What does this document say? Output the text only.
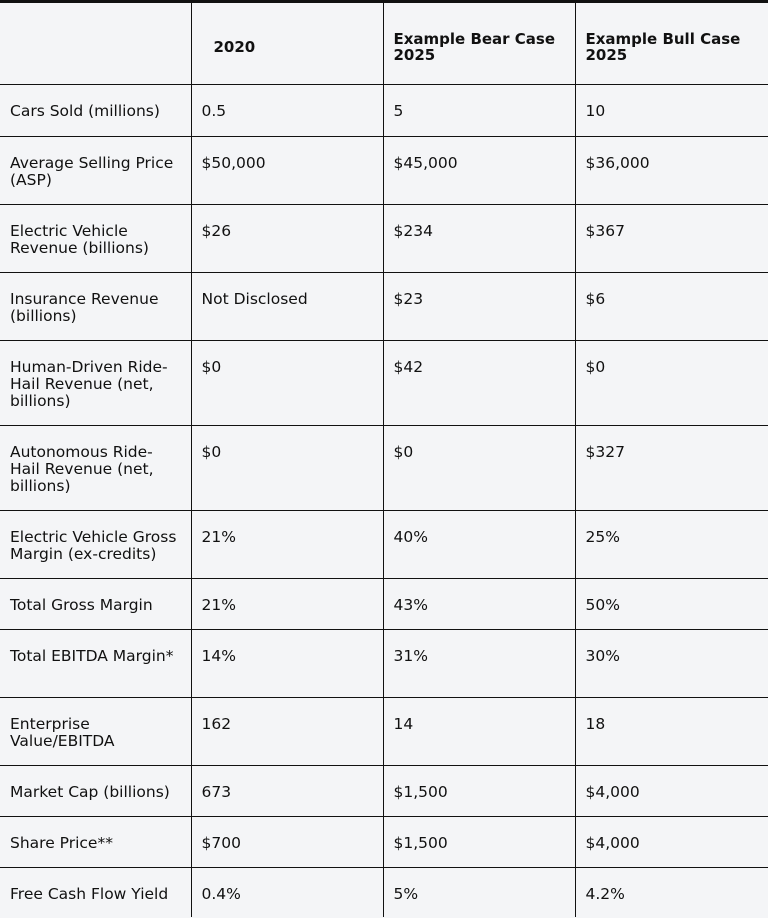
	2020	Example Bear Case 2025	Example Bull Case 2025
Cars Sold (millions)	0.5	5	10
Average Selling Price (ASP)	$50,000	$45,000	$36,000
Electric Vehicle Revenue (billions)	$26	$234	$367
Insurance Revenue (billions)	Not Disclosed	$23	$6
Human-Driven Ride-Hail Revenue (net, billions)	$0	$42	$0
Autonomous Ride-Hail Revenue (net, billions)	$0	$0	$327
Electric Vehicle Gross Margin (ex-credits)	21%	40%	25%
Total Gross Margin	21%	43%	50%
Total EBITDA Margin*	14%	31%	30%
Enterprise Value/EBITDA	162	14	18
Market Cap (billions)	673	$1,500	$4,000
Share Price**	$700	$1,500	$4,000
Free Cash Flow Yield	0.4%	5%	4.2%
